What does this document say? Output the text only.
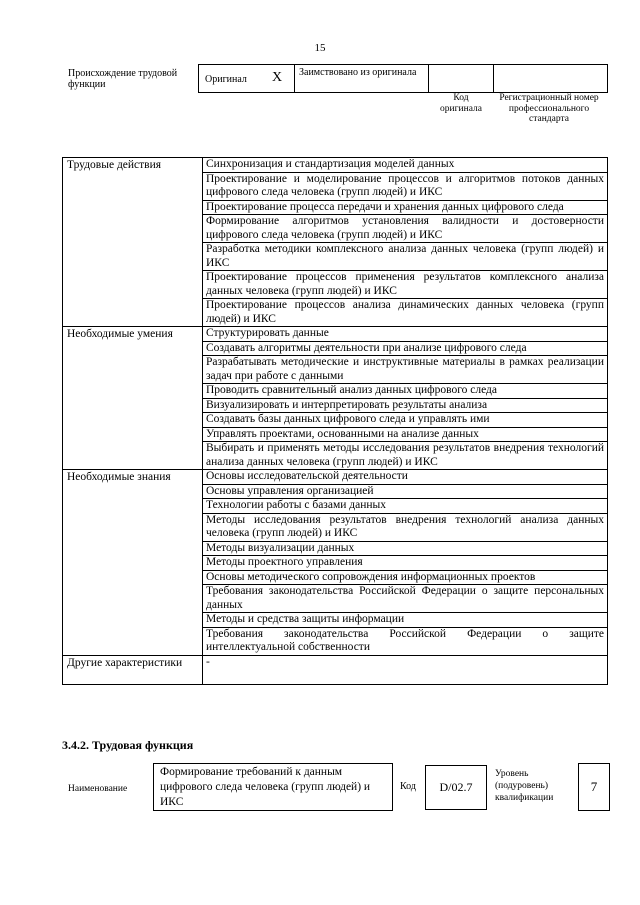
15
Происхождение трудовой функции	Оригинал X Заимствовано из оригинала
Код оригинала
Регистрационный номер профессионального стандарта
Трудовые действия	Синхронизация и стандартизация моделей данных
	Проектирование и моделирование процессов и алгоритмов потоков данных цифрового следа человека (групп людей) и ИКС
	Проектирование процесса передачи и хранения данных цифрового следа
	Формирование алгоритмов установления валидности и достоверности цифрового следа человека (групп людей) и ИКС
	Разработка методики комплексного анализа данных человека (групп людей) и ИКС
	Проектирование процессов применения результатов комплексного анализа данных человека (групп людей) и ИКС
	Проектирование процессов анализа динамических данных человека (групп людей) и ИКС
Необходимые умения	Структурировать данные
	Создавать алгоритмы деятельности при анализе цифрового следа
	Разрабатывать методические и инструктивные материалы в рамках реализации задач при работе с данными
	Проводить сравнительный анализ данных цифрового следа
	Визуализировать и интерпретировать результаты анализа
	Создавать базы данных цифрового следа и управлять ими
	Управлять проектами, основанными на анализе данных
	Выбирать и применять методы исследования результатов внедрения технологий анализа данных человека (групп людей) и ИКС
Необходимые знания	Основы исследовательской деятельности
	Основы управления организацией
	Технологии работы с базами данных
	Методы исследования результатов внедрения технологий анализа данных человека (групп людей) и ИКС
	Методы визуализации данных
	Методы проектного управления
	Основы методического сопровождения информационных проектов
	Требования законодательства Российской Федерации о защите персональных данных
	Методы и средства защиты информации
	Требования законодательства Российской Федерации о защите интеллектуальной собственности
Другие характеристики	-
3.4.2. Трудовая функция
Наименование
Формирование требований к данным цифрового следа человека (групп людей) и ИКС
Код	D/02.7
Уровень (подуровень) квалификации
7
